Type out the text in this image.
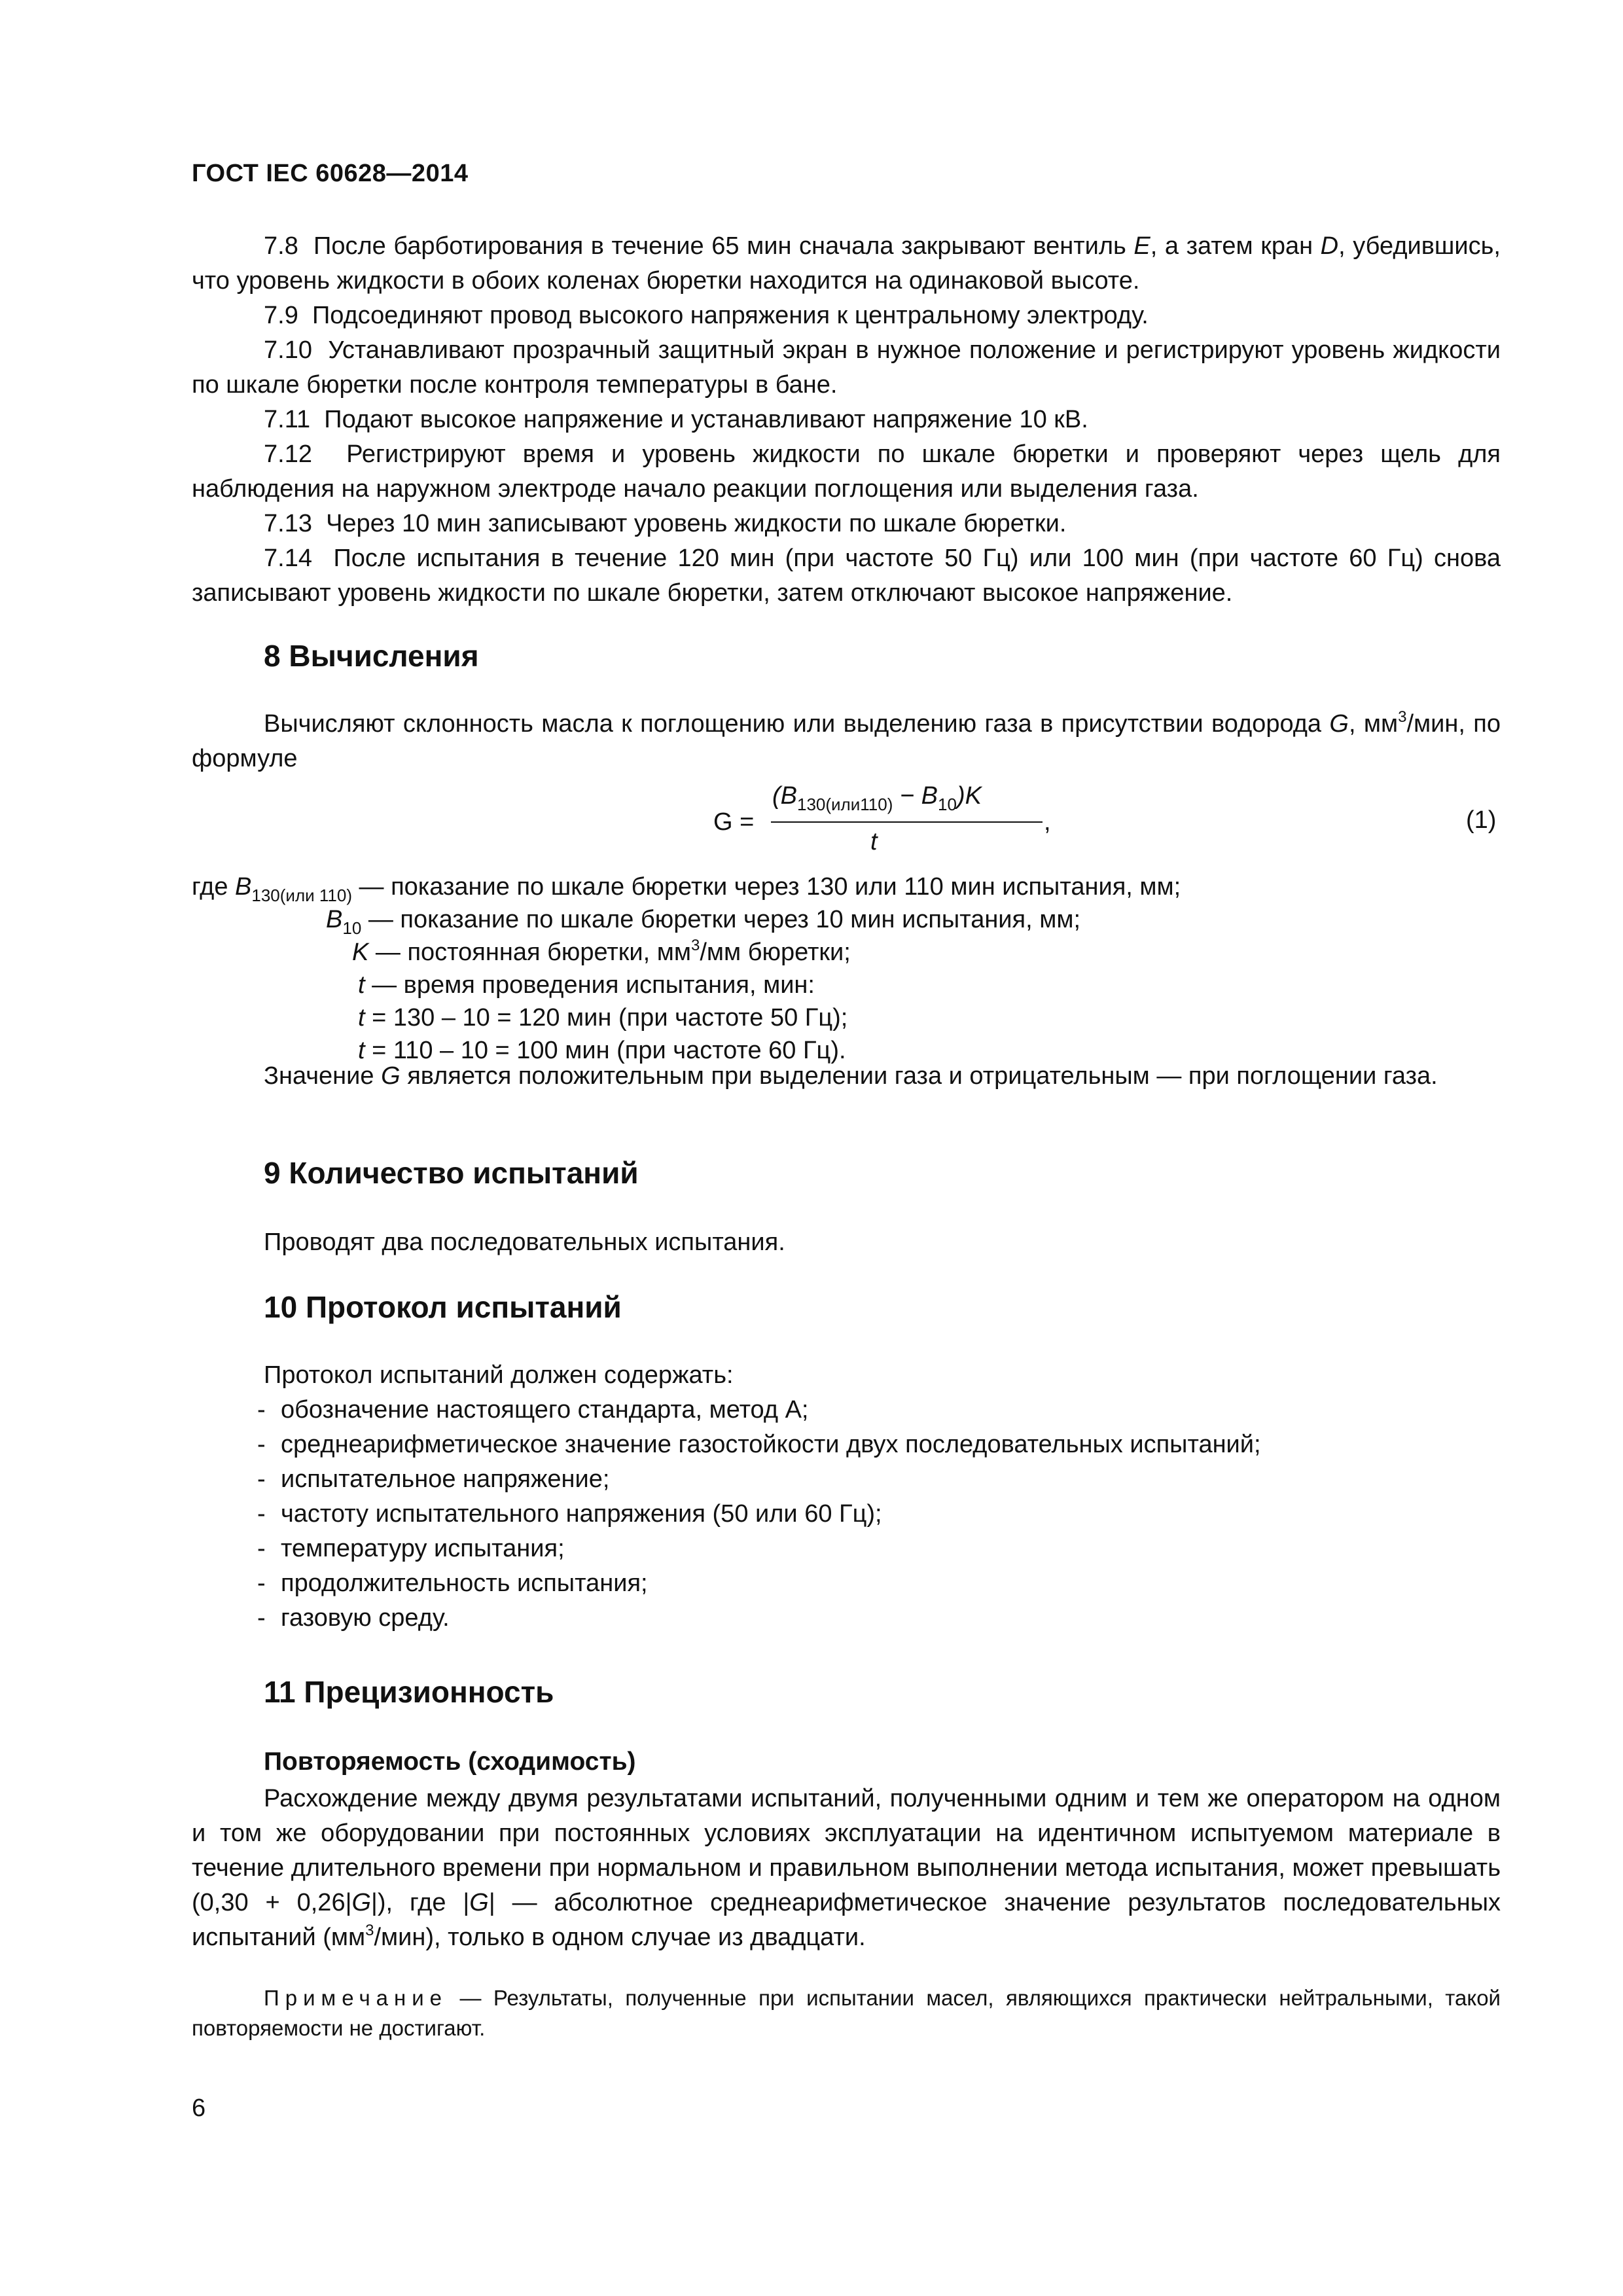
ГОСТ IEC 60628—2014

7.8 После барботирования в течение 65 мин сначала закрывают вентиль E, а затем кран D, убедившись, что уровень жидкости в обоих коленах бюретки находится на одинаковой высоте.

7.9 Подсоединяют провод высокого напряжения к центральному электроду.

7.10 Устанавливают прозрачный защитный экран в нужное положение и регистрируют уровень жидкости по шкале бюретки после контроля температуры в бане.

7.11 Подают высокое напряжение и устанавливают напряжение 10 кВ.

7.12 Регистрируют время и уровень жидкости по шкале бюретки и проверяют через щель для наблюдения на наружном электроде начало реакции поглощения или выделения газа.

7.13 Через 10 мин записывают уровень жидкости по шкале бюретки.

7.14 После испытания в течение 120 мин (при частоте 50 Гц) или 100 мин (при частоте 60 Гц) снова записывают уровень жидкости по шкале бюретки, затем отключают высокое напряжение.

8 Вычисления

Вычисляют склонность масла к поглощению или выделению газа в присутствии водорода G, $мм^3$/мин, по формуле

G =
$(B_{130(или110)} - B_{10})K$
t
,	(1)
где $B_{130(или 110)}$ — показание по шкале бюретки через 130 или 110 мин испытания, мм;
$B_{10}$ — показание по шкале бюретки через 10 мин испытания, мм;
K — постоянная бюретки, $мм^3/мм$ бюретки;
t — время проведения испытания, мин:
t = 130 – 10 = 120 мин (при частоте 50 Гц);
t = 110 – 10 = 100 мин (при частоте 60 Гц).

Значение G является положительным при выделении газа и отрицательным — при поглощении газа.

9 Количество испытаний

Проводят два последовательных испытания.

10 Протокол испытаний

Протокол испытаний должен содержать:

- обозначение настоящего стандарта, метод А;
- среднеарифметическое значение газостойкости двух последовательных испытаний;
- испытательное напряжение;
- частоту испытательного напряжения (50 или 60 Гц);
- температуру испытания;
- продолжительность испытания;
- газовую среду.
11 Прецизионность
Повторяемость (сходимость)

Расхождение между двумя результатами испытаний, полученными одним и тем же оператором на одном и том же оборудовании при постоянных условиях эксплуатации на идентичном испытуемом материале в течение длительного времени при нормальном и правильном выполнении метода испытания, может превышать (0,30 + 0,26|G|), где |G| — абсолютное среднеарифметическое значение результатов последовательных испытаний $(мм^3/мин)$, только в одном случае из двадцати.

Примечание — Результаты, полученные при испытании масел, являющихся практически нейтральными, такой повторяемости не достигают.
6
